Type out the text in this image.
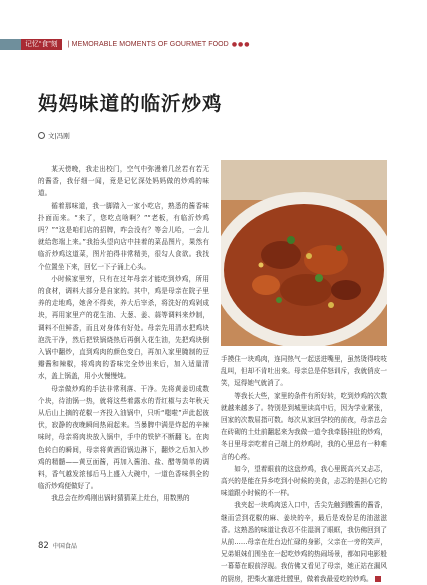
记忆“食”刻	| MEMORABLE MOMENTS OF GOURMET FOOD ●●●
妈妈味道的临沂炒鸡
文|冯刚

某天傍晚，我走出校门，空气中弥漫着几丝若有若无的酱香，我仔细一闻，竟是记忆深处妈妈做的炒鸡的味道。

循着那味道，我一脚踏入一家小吃店，熟悉的酱香味扑面而来。“来了，您吃点啥啊？”“老板，有临沂炒鸡吗？”“这是咱们店的招牌，咋会没有？等会儿哈，一会儿就给您端上来。”我抬头望向店中挂着的菜品图片，果然有临沂炒鸡这道菜，图片拍得非常精美，很勾人食欲。我找个位置坐下来，回忆一下子涌上心头。

小时候家里穷，只有在过年母亲才能吃到炒鸡，所用的食材，调料大部分是自家的。其中，鸡是母亲在院子里养的走地鸡，她舍不得卖，养大后宰杀，将洗好的鸡剁成块，再用家里产的花生油、大葱、姜、蒜等调料来炒制，调料不但鲜香，而且对身体有好处。母亲先用清水把鸡块泡洗干净，然后把铁锅烧热后再倒入花生油，先把鸡块倒入锅中翻炒，直到鸡肉的颜色变白，再加入家里腌制的豆瓣酱和辣椒，将鸡肉的香味完全炒出来后，加入适量清水，盖上锅盖，用小火慢慢炖。

母亲做炒鸡的手法非常利落、干净。先将黄姜切成数个块，待油锅一热，就将这些着露水的青红椒与去年秋天从后山上摘的花椒一齐投入油锅中，只听“嗤啦”声此起彼伏，寂静的夜晚瞬间热闹起来。当暴脾中满是炸起的辛辣味时，母亲将肉块放入锅中，手中的铁铲不断翻飞。在肉色转白的瞬间，母亲将黄酒沿锅边淋下，翻炒之后加入炒鸡的精髓——黄豆面酱，再加入酱油、盐、醋等简单的调料，香气越发浓郁后马上盛入大碗中，一道色香味俱全的临沂炒鸡便做好了。

我总会在炒鸡刚出锅时猜猜菜上灶台，用数黑的

手摸住一块鸡肉，连同热气一起送进嘴里，虽然烫得吱吱乱叫，但却不肯吐出来。母亲总是佯怒训斥，我就俏皮一笑，逗得她气就消了。

等我长大些，家里的条件有所好转，吃到炒鸡的次数就越来越多了。特别是到城里读高中后，因为学业紧张，回家的次数屈指可数。每次从家回学校的前夜，母亲总会在砖砌的土灶前翻起来为我做一道令我牵肠挂肚的炒鸡，冬日里母亲吃着自己端上的炒鸡时，我的心里总有一种难言的心疼。

如今，望着眼前的这盘炒鸡，我心里既高兴又忐忑，高兴的是能在异乡吃到小时候的美食，忐忑的是担心它的味道跟小时候的不一样。

我夹起一块鸡肉送入口中，舌尖先触到酸酱的酱香，继而尝到花椒的麻、姜块的辛，最后是戏份足的油滋滋香。这熟悉的味道让我忍不住湿润了眼眶，我仿佛回到了从前……母亲在灶台边忙碌的身影，父亲在一旁的笑声，兄弟姐妹们围坐在一起吃炒鸡的热闹场景，都如同电影般一幕幕在眼前浮现。我仿佛又看见了母亲，她正站在漏风的厨房，把柴火塞进灶膛里，做着我最爱吃的炒鸡。

82 中国食品
